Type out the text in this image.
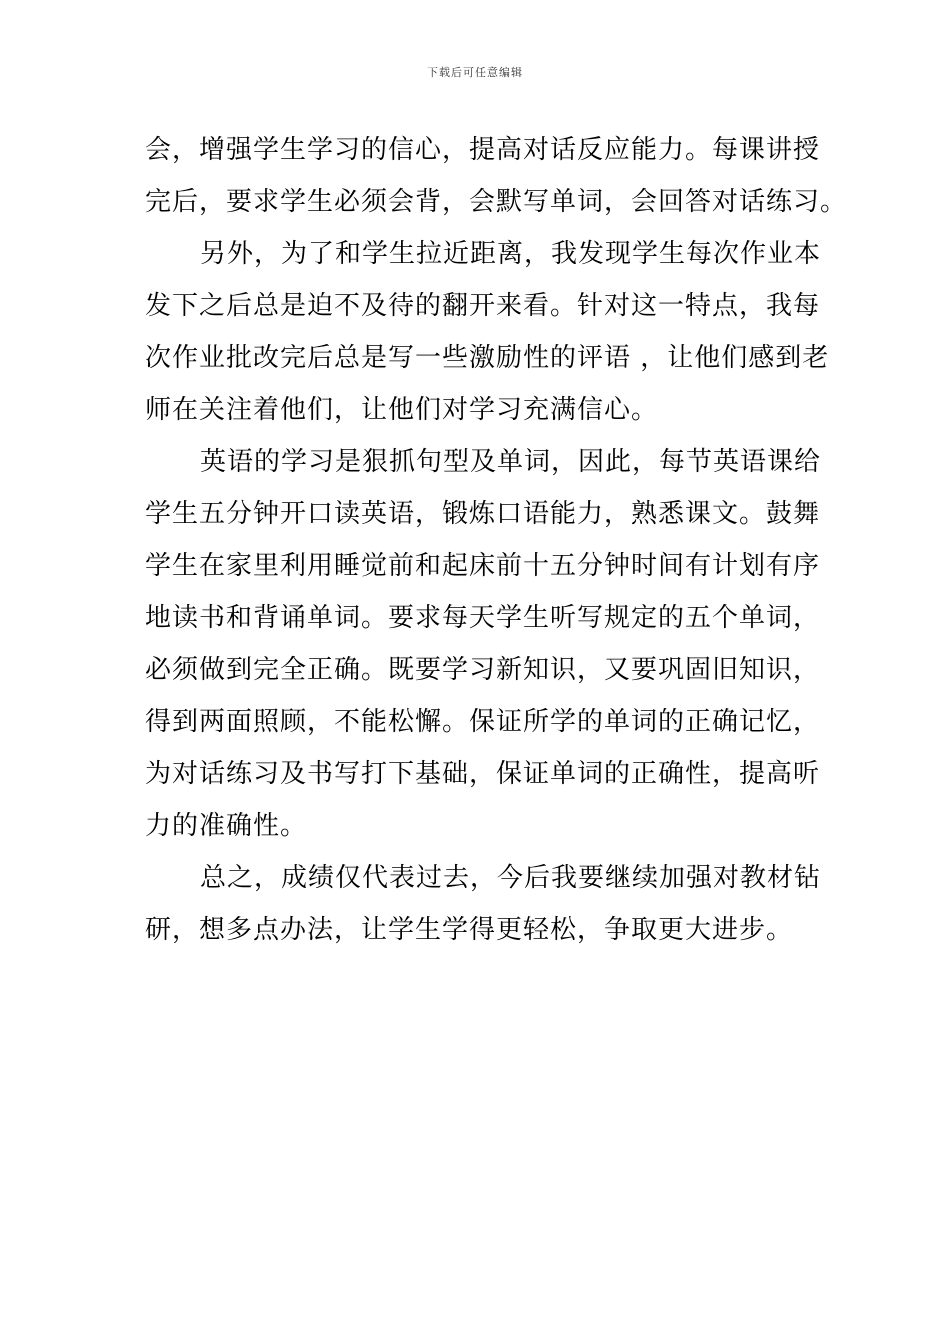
下载后可任意编辑
会，增强学生学习的信心，提高对话反应能力。每课讲授
完后，要求学生必须会背，会默写单词，会回答对话练习。
另外，为了和学生拉近距离，我发现学生每次作业本
发下之后总是迫不及待的翻开来看。针对这一特点，我每
次作业批改完后总是写一些激励性的评语 ，让他们感到老
师在关注着他们，让他们对学习充满信心。
英语的学习是狠抓句型及单词，因此，每节英语课给
学生五分钟开口读英语，锻炼口语能力，熟悉课文。鼓舞
学生在家里利用睡觉前和起床前十五分钟时间有计划有序
地读书和背诵单词。要求每天学生听写规定的五个单词，
必须做到完全正确。既要学习新知识，又要巩固旧知识，
得到两面照顾，不能松懈。保证所学的单词的正确记忆，
为对话练习及书写打下基础，保证单词的正确性，提高听
力的准确性。
总之，成绩仅代表过去，今后我要继续加强对教材钻
研，想多点办法，让学生学得更轻松，争取更大进步。
